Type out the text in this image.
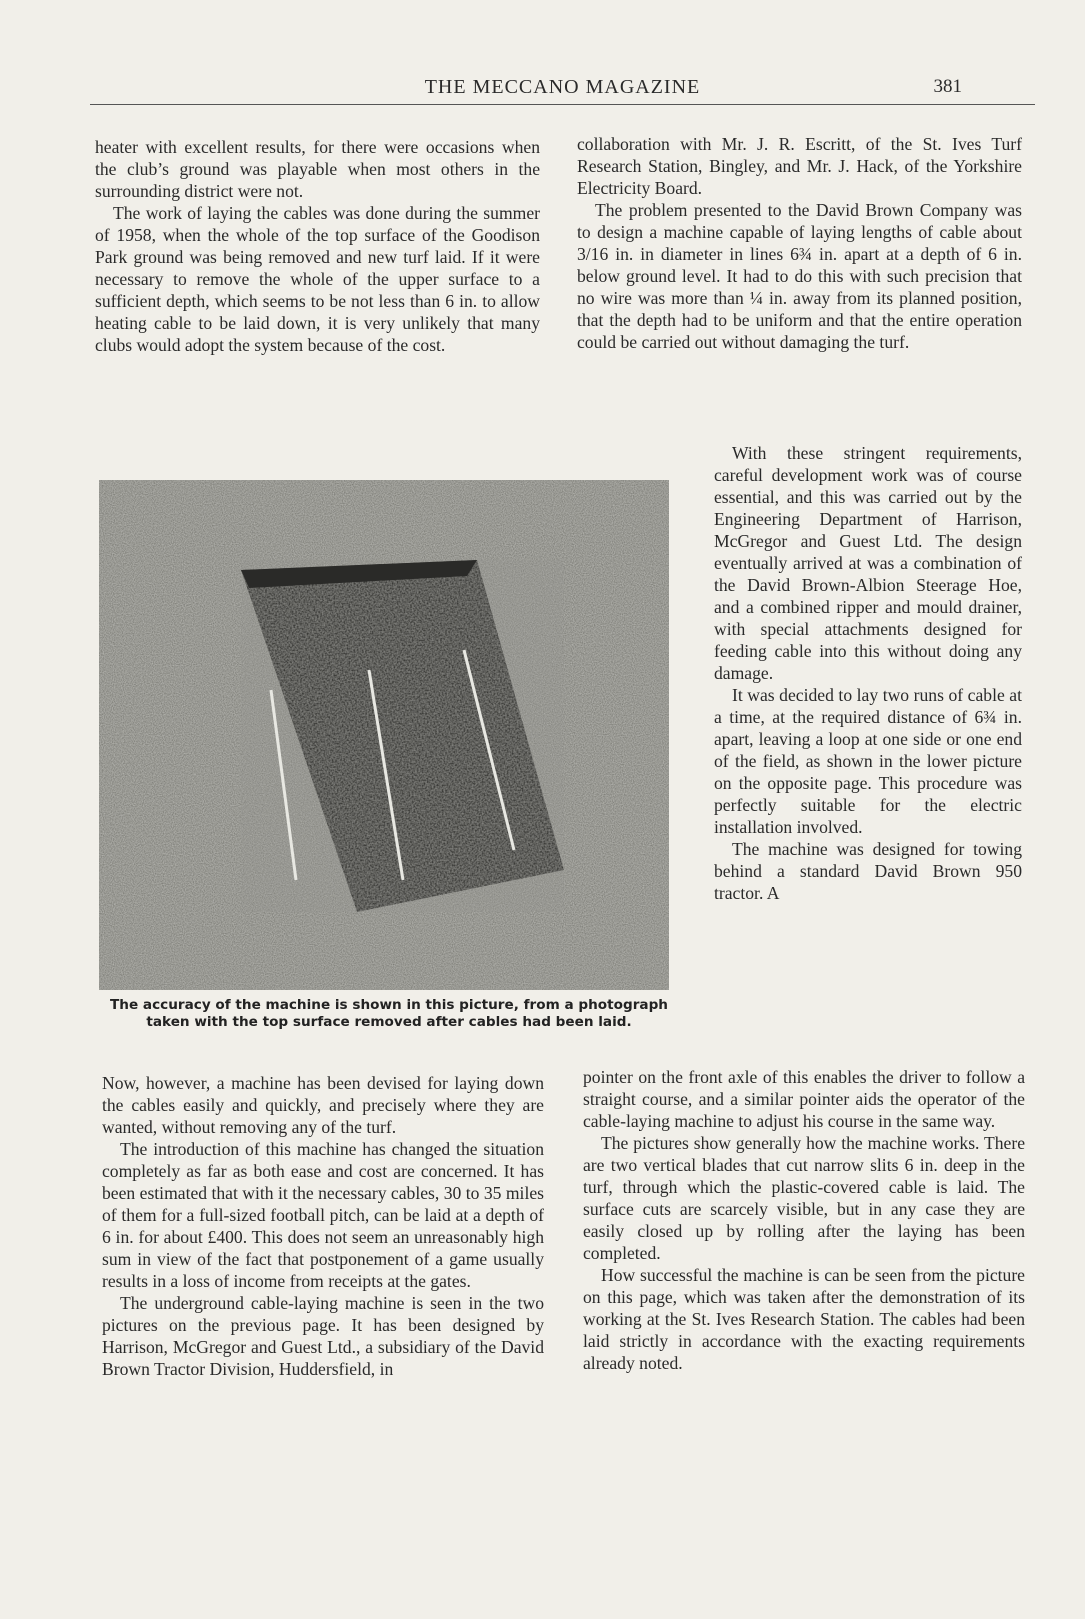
THE MECCANO MAGAZINE	381

heater with excellent results, for there were occasions when the club’s ground was playable when most others in the surrounding district were not.

The work of laying the cables was done during the summer of 1958, when the whole of the top surface of the Goodison Park ground was being removed and new turf laid. If it were necessary to remove the whole of the upper surface to a sufficient depth, which seems to be not less than 6 in. to allow heating cable to be laid down, it is very unlikely that many clubs would adopt the system because of the cost.

collaboration with Mr. J. R. Escritt, of the St. Ives Turf Research Station, Bingley, and Mr. J. Hack, of the Yorkshire Electricity Board.

The problem presented to the David Brown Company was to design a machine capable of laying lengths of cable about 3/16 in. in diameter in lines 6¾ in. apart at a depth of 6 in. below ground level. It had to do this with such precision that no wire was more than ¼ in. away from its planned position, that the depth had to be uniform and that the entire operation could be carried out without damaging the turf.

The accuracy of the machine is shown in this picture, from a photograph
taken with the top surface removed after cables had been laid.

With these stringent requirements, careful development work was of course essential, and this was carried out by the Engineering Department of Harrison, McGregor and Guest Ltd. The design eventually arrived at was a combination of the David Brown-Albion Steerage Hoe, and a combined ripper and mould drainer, with special attachments designed for feeding cable into this without doing any damage.

It was decided to lay two runs of cable at a time, at the required distance of 6¾ in. apart, leaving a loop at one side or one end of the field, as shown in the lower picture on the opposite page. This procedure was perfectly suitable for the electric installation involved.

The machine was designed for towing behind a standard David Brown 950 tractor. A

Now, however, a machine has been devised for laying down the cables easily and quickly, and precisely where they are wanted, without removing any of the turf.

The introduction of this machine has changed the situation completely as far as both ease and cost are concerned. It has been estimated that with it the necessary cables, 30 to 35 miles of them for a full-sized football pitch, can be laid at a depth of 6 in. for about £400. This does not seem an unreasonably high sum in view of the fact that postponement of a game usually results in a loss of income from receipts at the gates.

The underground cable-laying machine is seen in the two pictures on the previous page. It has been designed by Harrison, McGregor and Guest Ltd., a subsidiary of the David Brown Tractor Division, Huddersfield, in

pointer on the front axle of this enables the driver to follow a straight course, and a similar pointer aids the operator of the cable-laying machine to adjust his course in the same way.

The pictures show generally how the machine works. There are two vertical blades that cut narrow slits 6 in. deep in the turf, through which the plastic-covered cable is laid. The surface cuts are scarcely visible, but in any case they are easily closed up by rolling after the laying has been completed.

How successful the machine is can be seen from the picture on this page, which was taken after the demonstration of its working at the St. Ives Research Station. The cables had been laid strictly in accordance with the exacting requirements already noted.
